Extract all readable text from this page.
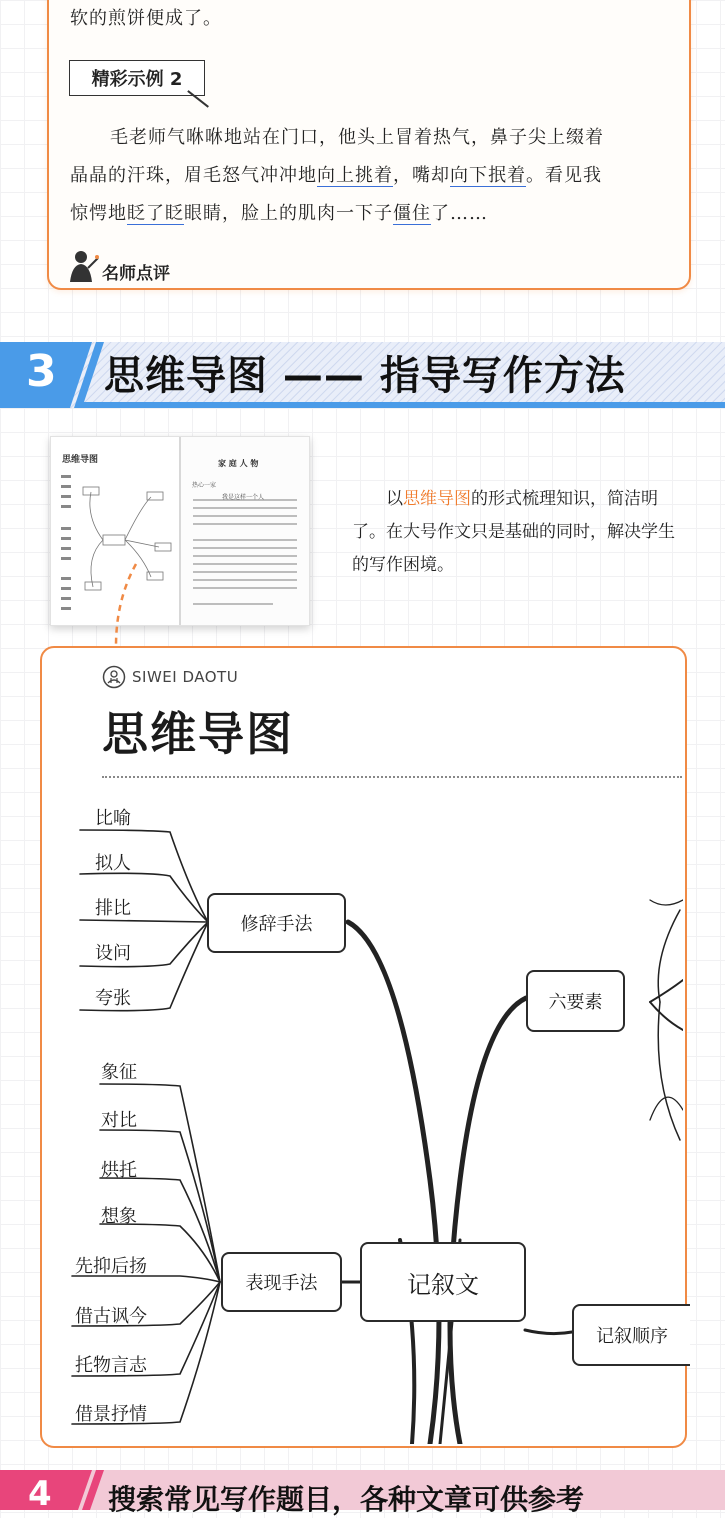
软的煎饼便成了。
精彩示例 2
毛老师气咻咻地站在门口，他头上冒着热气，鼻子尖上缀着
晶晶的汗珠，眉毛怒气冲冲地向上挑着，嘴却向下抿着。看见我
惊愕地眨了眨眼睛，脸上的肌肉一下子僵住了……
名师点评
3 思维导图 —— 指导写作方法
思维导图	家 庭 人 物
热心一家
我是这样一个人	以思维导图的形式梳理知识，简洁明了。在大号作文只是基础的同时，解决学生的写作困境。
SIWEI DAOTU
思维导图
修辞手法
比喻
拟人
排比
设问
夸张	六要素
表现手法
象征
对比
烘托
想象
先抑后扬
借古讽今
托物言志
借景抒情
记叙文
记叙顺序
4 搜索常见写作题目，各种文章可供参考
